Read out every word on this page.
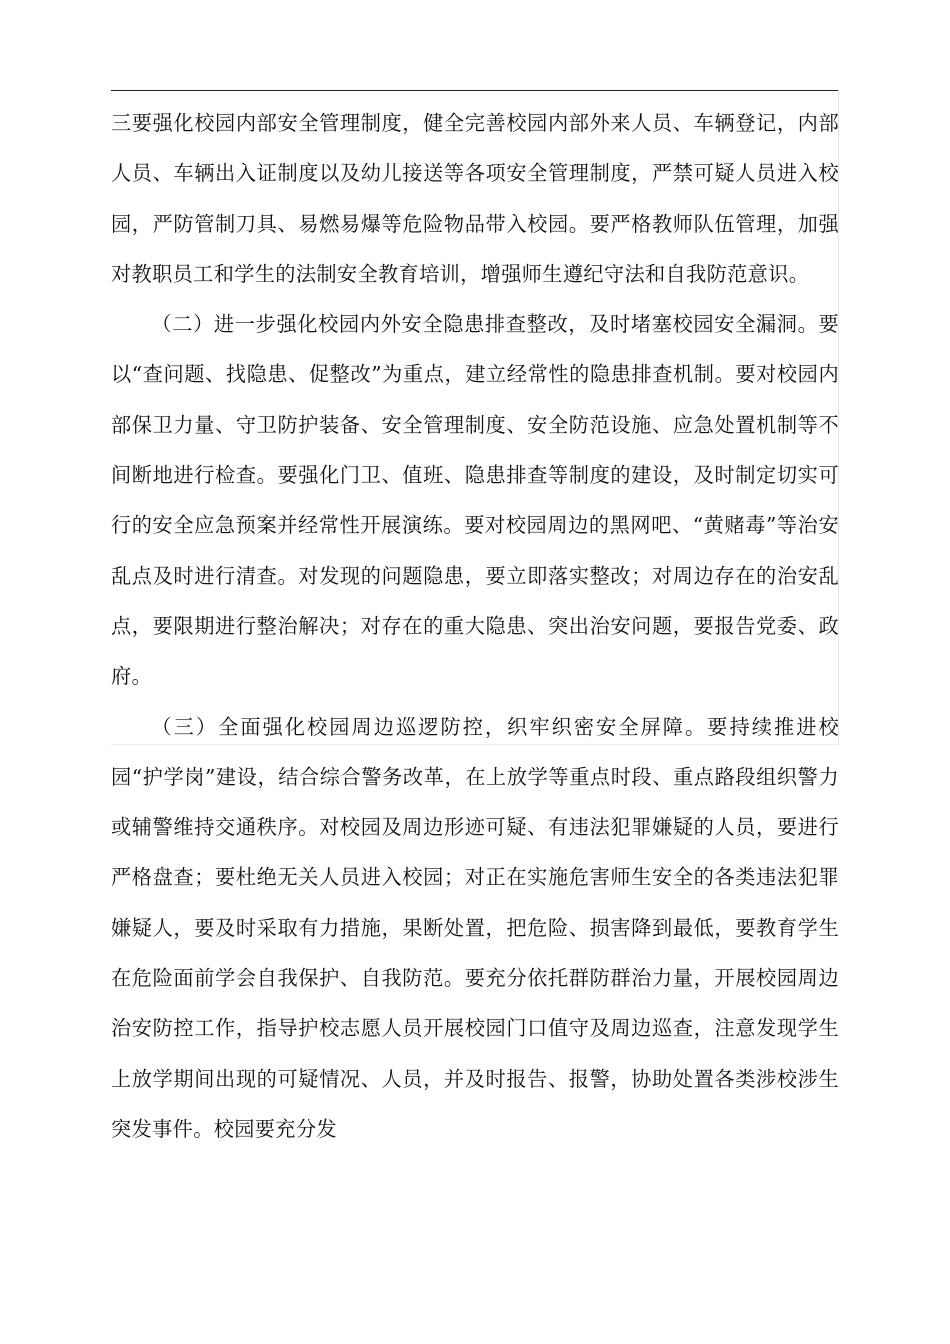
三要强化校园内部安全管理制度，健全完善校园内部外来人员、车辆登记，内部人员、车辆出入证制度以及幼儿接送等各项安全管理制度，严禁可疑人员进入校园，严防管制刀具、易燃易爆等危险物品带入校园。要严格教师队伍管理，加强对教职员工和学生的法制安全教育培训，增强师生遵纪守法和自我防范意识。

（二）进一步强化校园内外安全隐患排查整改，及时堵塞校园安全漏洞。要以“查问题、找隐患、促整改”为重点，建立经常性的隐患排查机制。要对校园内部保卫力量、守卫防护装备、安全管理制度、安全防范设施、应急处置机制等不间断地进行检查。要强化门卫、值班、隐患排查等制度的建设，及时制定切实可行的安全应急预案并经常性开展演练。要对校园周边的黑网吧、“黄赌毒”等治安乱点及时进行清查。对发现的问题隐患，要立即落实整改；对周边存在的治安乱点，要限期进行整治解决；对存在的重大隐患、突出治安问题，要报告党委、政府。

（三）全面强化校园周边巡逻防控，织牢织密安全屏障。要持续推进校园“护学岗”建设，结合综合警务改革，在上放学等重点时段、重点路段组织警力或辅警维持交通秩序。对校园及周边形迹可疑、有违法犯罪嫌疑的人员，要进行严格盘查；要杜绝无关人员进入校园；对正在实施危害师生安全的各类违法犯罪嫌疑人，要及时采取有力措施，果断处置，把危险、损害降到最低，要教育学生在危险面前学会自我保护、自我防范。要充分依托群防群治力量，开展校园周边治安防控工作，指导护校志愿人员开展校园门口值守及周边巡查，注意发现学生上放学期间出现的可疑情况、人员，并及时报告、报警，协助处置各类涉校涉生突发事件。校园要充分发
